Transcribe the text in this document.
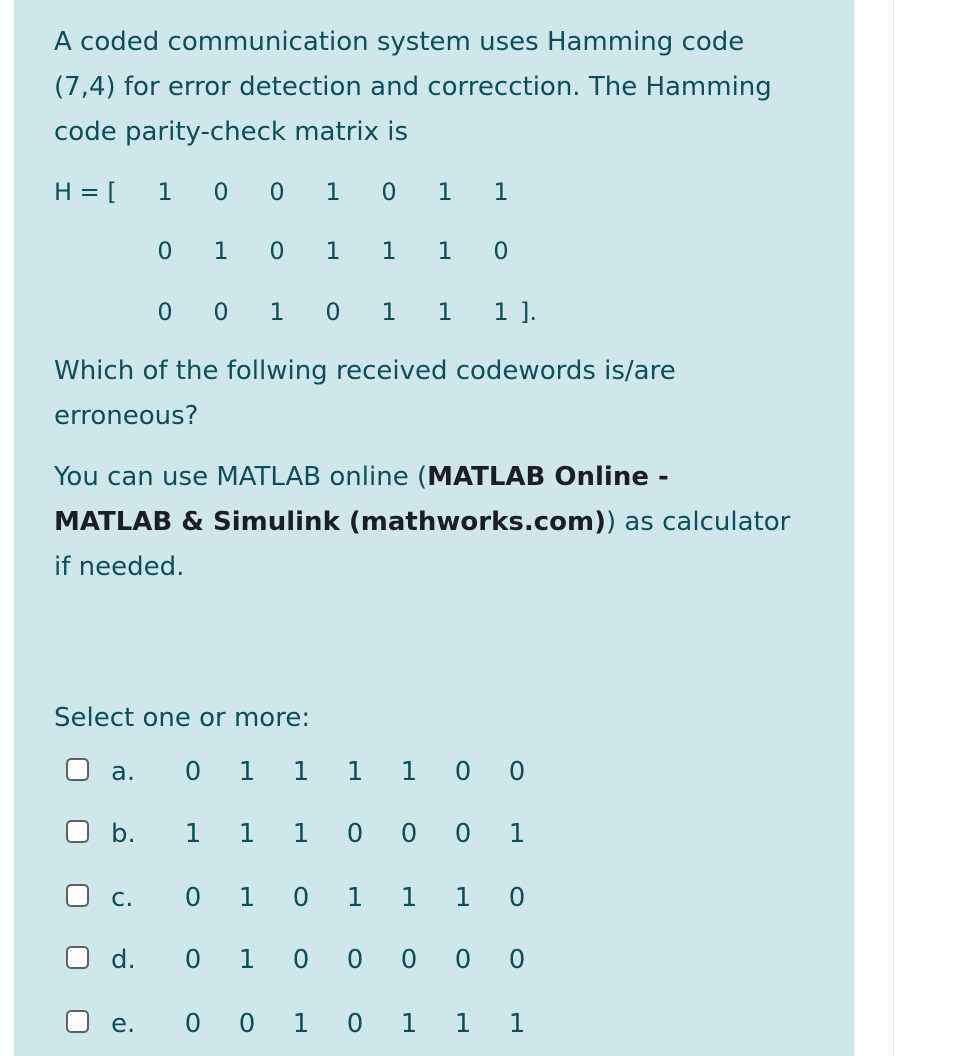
A coded communication system uses Hamming code
(7,4) for error detection and correcction. The Hamming
code parity-check matrix is
H = [	1	0	0	1	0	1	1
0	1	0	1	1	1	0
0	0	1	0	1	1	1 ].
Which of the follwing received codewords is/are
erroneous?
You can use MATLAB online (MATLAB Online -
MATLAB & Simulink (mathworks.com)) as calculator
if needed.
Select one or more:
a. 0 1 1 1 1 0 0
b. 1 1 1 0 0 0 1
c. 0 1 0 1 1 1 0
d. 0 1 0 0 0 0 0
e. 0 0 1 0 1 1 1
